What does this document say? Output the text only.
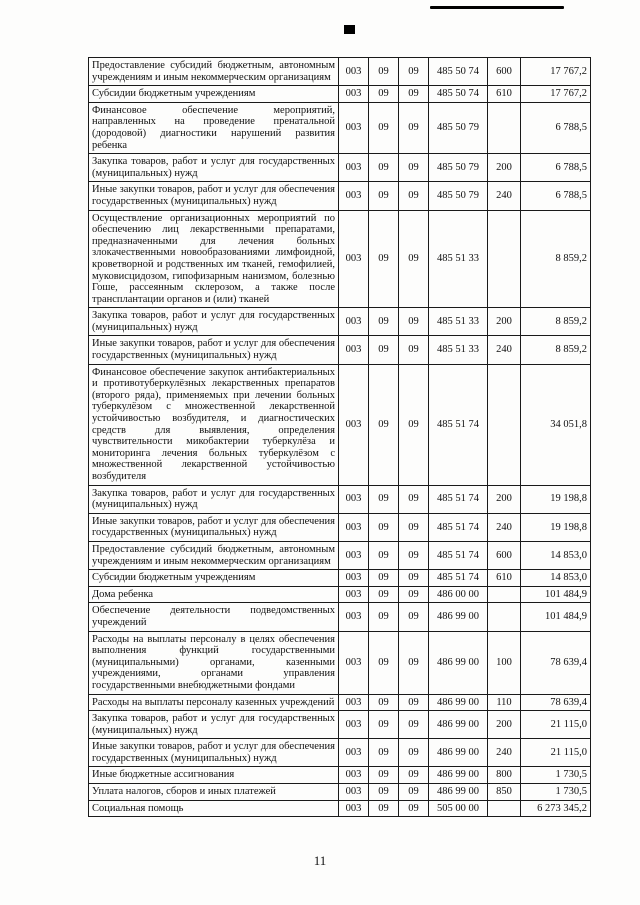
Предоставление субсидий бюджетным, автономным учреждениям и иным некоммерческим организациям	003	09	09	485 50 74	600	17 767,2
Субсидии бюджетным учреждениям	003	09	09	485 50 74	610	17 767,2
Финансовое обеспечение мероприятий, направленных на проведение пренатальной (дородовой) диагностики нарушений развития ребенка	003	09	09	485 50 79		6 788,5
Закупка товаров, работ и услуг для государственных (муниципальных) нужд	003	09	09	485 50 79	200	6 788,5
Иные закупки товаров, работ и услуг для обеспечения государственных (муниципальных) нужд	003	09	09	485 50 79	240	6 788,5
Осуществление организационных мероприятий по обеспечению лиц лекарственными препаратами, предназначенными для лечения больных злокачественными новообразованиями лимфоидной, кроветворной и родственных им тканей, гемофилией, муковисцидозом, гипофизарным нанизмом, болезнью Гоше, рассеянным склерозом, а также после трансплантации органов и (или) тканей	003	09	09	485 51 33		8 859,2
Закупка товаров, работ и услуг для государственных (муниципальных) нужд	003	09	09	485 51 33	200	8 859,2
Иные закупки товаров, работ и услуг для обеспечения государственных (муниципальных) нужд	003	09	09	485 51 33	240	8 859,2
Финансовое обеспечение закупок антибактериальных и противотуберкулёзных лекарственных препаратов (второго ряда), применяемых при лечении больных туберкулёзом с множественной лекарственной устойчивостью возбудителя, и диагностических средств для выявления, определения чувствительности микобактерии туберкулёза и мониторинга лечения больных туберкулёзом с множественной лекарственной устойчивостью возбудителя	003	09	09	485 51 74		34 051,8
Закупка товаров, работ и услуг для государственных (муниципальных) нужд	003	09	09	485 51 74	200	19 198,8
Иные закупки товаров, работ и услуг для обеспечения государственных (муниципальных) нужд	003	09	09	485 51 74	240	19 198,8
Предоставление субсидий бюджетным, автономным учреждениям и иным некоммерческим организациям	003	09	09	485 51 74	600	14 853,0
Субсидии бюджетным учреждениям	003	09	09	485 51 74	610	14 853,0
Дома ребенка	003	09	09	486 00 00		101 484,9
Обеспечение деятельности подведомственных учреждений	003	09	09	486 99 00		101 484,9
Расходы на выплаты персоналу в целях обеспечения выполнения функций государственными (муниципальными) органами, казенными учреждениями, органами управления государственными внебюджетными фондами	003	09	09	486 99 00	100	78 639,4
Расходы на выплаты персоналу казенных учреждений	003	09	09	486 99 00	110	78 639,4
Закупка товаров, работ и услуг для государственных (муниципальных) нужд	003	09	09	486 99 00	200	21 115,0
Иные закупки товаров, работ и услуг для обеспечения государственных (муниципальных) нужд	003	09	09	486 99 00	240	21 115,0
Иные бюджетные ассигнования	003	09	09	486 99 00	800	1 730,5
Уплата налогов, сборов и иных платежей	003	09	09	486 99 00	850	1 730,5
Социальная помощь	003	09	09	505 00 00		6 273 345,2
11
